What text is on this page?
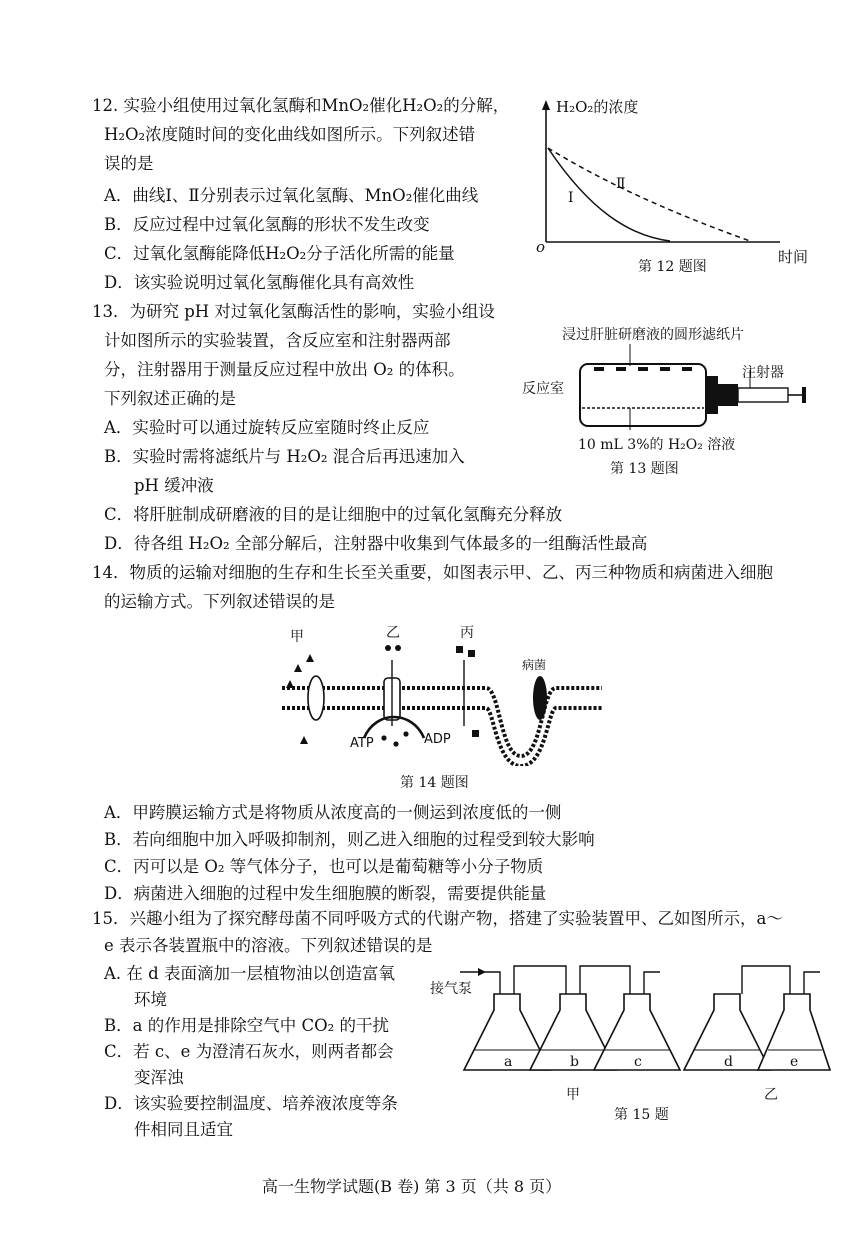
12. 实验小组使用过氧化氢酶和MnO₂催化H₂O₂的分解，
H₂O₂浓度随时间的变化曲线如图所示。下列叙述错
误的是
A．曲线Ⅰ、Ⅱ分别表示过氧化氢酶、MnO₂催化曲线
B．反应过程中过氧化氢酶的形状不发生改变
C．过氧化氢酶能降低H₂O₂分子活化所需的能量
D．该实验说明过氧化氢酶催化具有高效性
H₂O₂的浓度
时间
o
Ⅰ
Ⅱ
第 12 题图
13．为研究 pH 对过氧化氢酶活性的影响，实验小组设
计如图所示的实验装置，含反应室和注射器两部
分，注射器用于测量反应过程中放出 O₂ 的体积。
下列叙述正确的是
A．实验时可以通过旋转反应室随时终止反应
B．实验时需将滤纸片与 H₂O₂ 混合后再迅速加入
pH 缓冲液
C．将肝脏制成研磨液的目的是让细胞中的过氧化氢酶充分释放
D．待各组 H₂O₂ 全部分解后，注射器中收集到气体最多的一组酶活性最高
浸过肝脏研磨液的圆形滤纸片
反应室
注射器
10 mL 3%的 H₂O₂ 溶液
第 13 题图
14．物质的运输对细胞的生存和生长至关重要，如图表示甲、乙、丙三种物质和病菌进入细胞
的运输方式。下列叙述错误的是
甲	乙	丙
病菌
ATP	ADP
第 14 题图
A．甲跨膜运输方式是将物质从浓度高的一侧运到浓度低的一侧
B．若向细胞中加入呼吸抑制剂，则乙进入细胞的过程受到较大影响
C．丙可以是 O₂ 等气体分子，也可以是葡萄糖等小分子物质
D．病菌进入细胞的过程中发生细胞膜的断裂，需要提供能量
15．兴趣小组为了探究酵母菌不同呼吸方式的代谢产物，搭建了实验装置甲、乙如图所示，a～
e 表示各装置瓶中的溶液。下列叙述错误的是
A. 在 d 表面滴加一层植物油以创造富氧
环境
B．a 的作用是排除空气中 CO₂ 的干扰
C．若 c、e 为澄清石灰水，则两者都会
变浑浊
D．该实验要控制温度、培养液浓度等条
件相同且适宜
接气泵
a	b	c	d	e
甲	乙
第 15 题
高一生物学试题(B 卷) 第 3 页（共 8 页）
